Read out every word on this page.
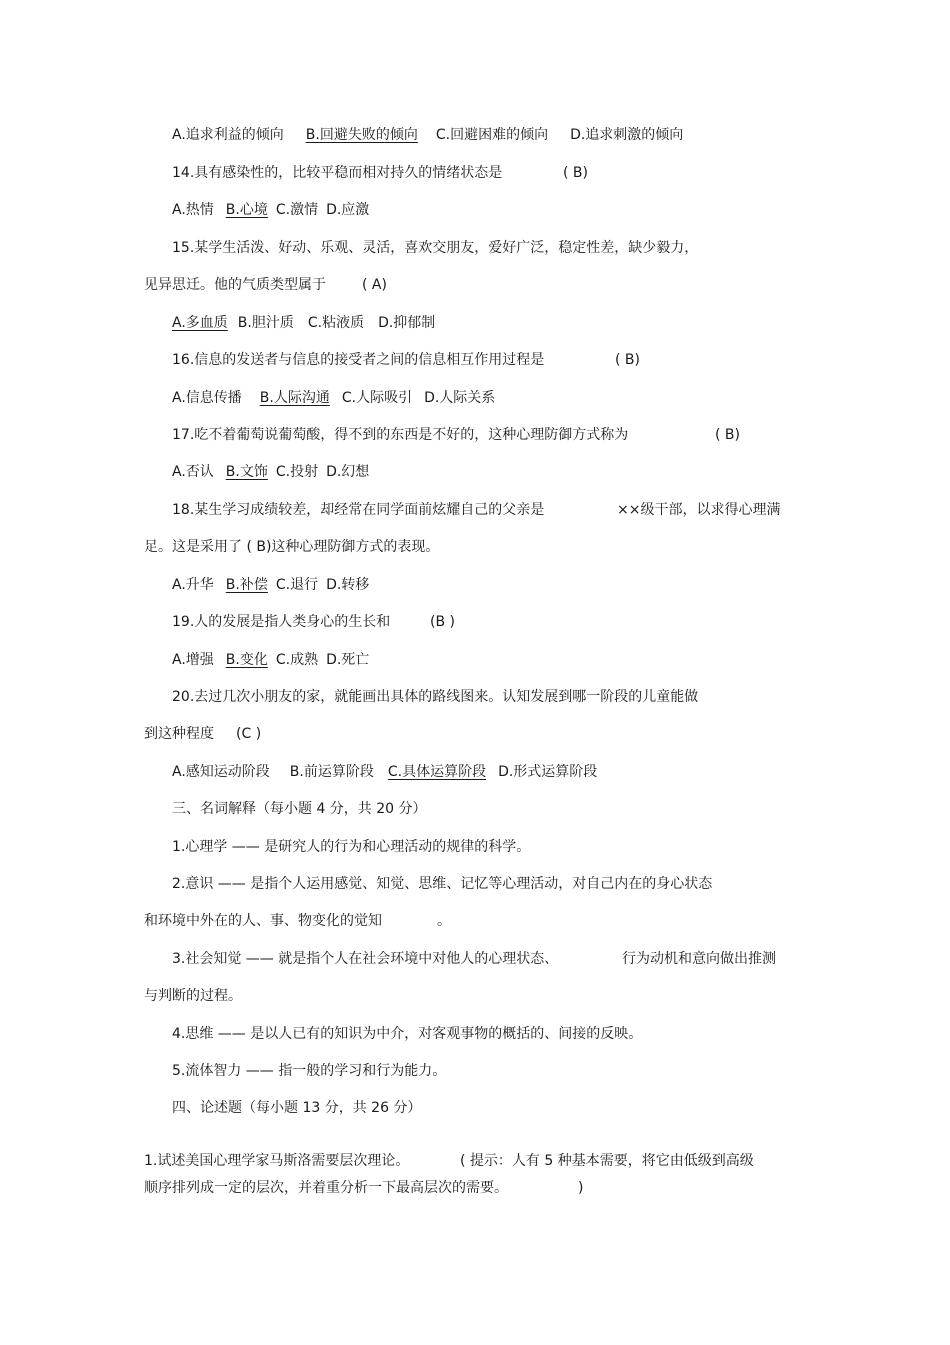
A.追求利益的倾向 B.回避失败的倾向 C.回避困难的倾向 D.追求刺激的倾向
14.具有感染性的，比较平稳而相对持久的情绪状态是	( B)
A.热情 B.心境 C.激情 D.应激
15.某学生活泼、好动、乐观、灵活，喜欢交朋友，爱好广泛，稳定性差，缺少毅力，
见异思迁。他的气质类型属于	( A)
A.多血质 B.胆汁质 C.粘液质 D.抑郁制
16.信息的发送者与信息的接受者之间的信息相互作用过程是	( B)
A.信息传播 B.人际沟通 C.人际吸引 D.人际关系
17.吃不着葡萄说葡萄酸，得不到的东西是不好的，这种心理防御方式称为	( B)
A.否认 B.文饰 C.投射 D.幻想
18.某生学习成绩较差，却经常在同学面前炫耀自己的父亲是	××级干部，以求得心理满
足。这是采用了 ( B)这种心理防御方式的表现。
A.升华 B.补偿 C.退行 D.转移
19.人的发展是指人类身心的生长和	(B )
A.增强 B.变化 C.成熟 D.死亡
20.去过几次小朋友的家，就能画出具体的路线图来。认知发展到哪一阶段的儿童能做
到这种程度 (C )
A.感知运动阶段 B.前运算阶段 C.具体运算阶段 D.形式运算阶段
三、名词解释（每小题 4 分，共 20 分）
1.心理学 —— 是研究人的行为和心理活动的规律的科学。
2.意识 —— 是指个人运用感觉、知觉、思维、记忆等心理活动，对自己内在的身心状态
和环境中外在的人、事、物变化的觉知	。
3.社会知觉 —— 就是指个人在社会环境中对他人的心理状态、	行为动机和意向做出推测
与判断的过程。
4.思维 —— 是以人已有的知识为中介，对客观事物的概括的、间接的反映。
5.流体智力 —— 指一般的学习和行为能力。
四、论述题（每小题 13 分，共 26 分）
1.试述美国心理学家马斯洛需要层次理论。	( 提示：人有 5 种基本需要，将它由低级到高级
顺序排列成一定的层次，并着重分析一下最高层次的需要。	)
